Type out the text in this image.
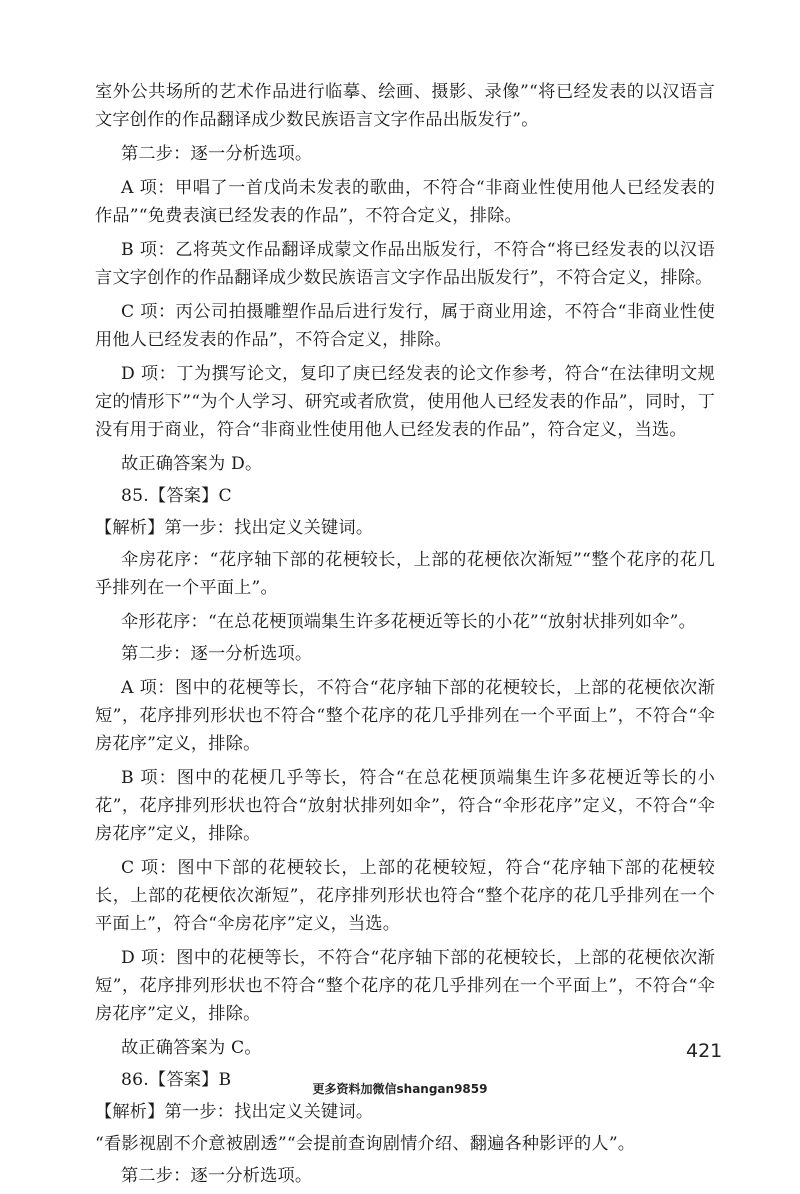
室外公共场所的艺术作品进行临摹、绘画、摄影、录像”“将已经发表的以汉语言文字创作的作品翻译成少数民族语言文字作品出版发行”。

第二步：逐一分析选项。

A 项：甲唱了一首戊尚未发表的歌曲，不符合“非商业性使用他人已经发表的作品”“免费表演已经发表的作品”，不符合定义，排除。

B 项：乙将英文作品翻译成蒙文作品出版发行，不符合“将已经发表的以汉语言文字创作的作品翻译成少数民族语言文字作品出版发行”，不符合定义，排除。

C 项：丙公司拍摄雕塑作品后进行发行，属于商业用途，不符合“非商业性使用他人已经发表的作品”，不符合定义，排除。

D 项：丁为撰写论文，复印了庚已经发表的论文作参考，符合“在法律明文规定的情形下”“为个人学习、研究或者欣赏，使用他人已经发表的作品”，同时，丁没有用于商业，符合“非商业性使用他人已经发表的作品”，符合定义，当选。

故正确答案为 D。

85.【答案】C

【解析】第一步：找出定义关键词。

伞房花序：“花序轴下部的花梗较长，上部的花梗依次渐短”“整个花序的花几乎排列在一个平面上”。

伞形花序：“在总花梗顶端集生许多花梗近等长的小花”“放射状排列如伞”。

第二步：逐一分析选项。

A 项：图中的花梗等长，不符合“花序轴下部的花梗较长，上部的花梗依次渐短”，花序排列形状也不符合“整个花序的花几乎排列在一个平面上”，不符合“伞房花序”定义，排除。

B 项：图中的花梗几乎等长，符合“在总花梗顶端集生许多花梗近等长的小花”，花序排列形状也符合“放射状排列如伞”，符合“伞形花序”定义，不符合“伞房花序”定义，排除。

C 项：图中下部的花梗较长，上部的花梗较短，符合“花序轴下部的花梗较长，上部的花梗依次渐短”，花序排列形状也符合“整个花序的花几乎排列在一个平面上”，符合“伞房花序”定义，当选。

D 项：图中的花梗等长，不符合“花序轴下部的花梗较长，上部的花梗依次渐短”，花序排列形状也不符合“整个花序的花几乎排列在一个平面上”，不符合“伞房花序”定义，排除。

故正确答案为 C。

86.【答案】B

【解析】第一步：找出定义关键词。

“看影视剧不介意被剧透”“会提前查询剧情介绍、翻遍各种影评的人”。

第二步：逐一分析选项。

421
更多资料加微信shangan9859
